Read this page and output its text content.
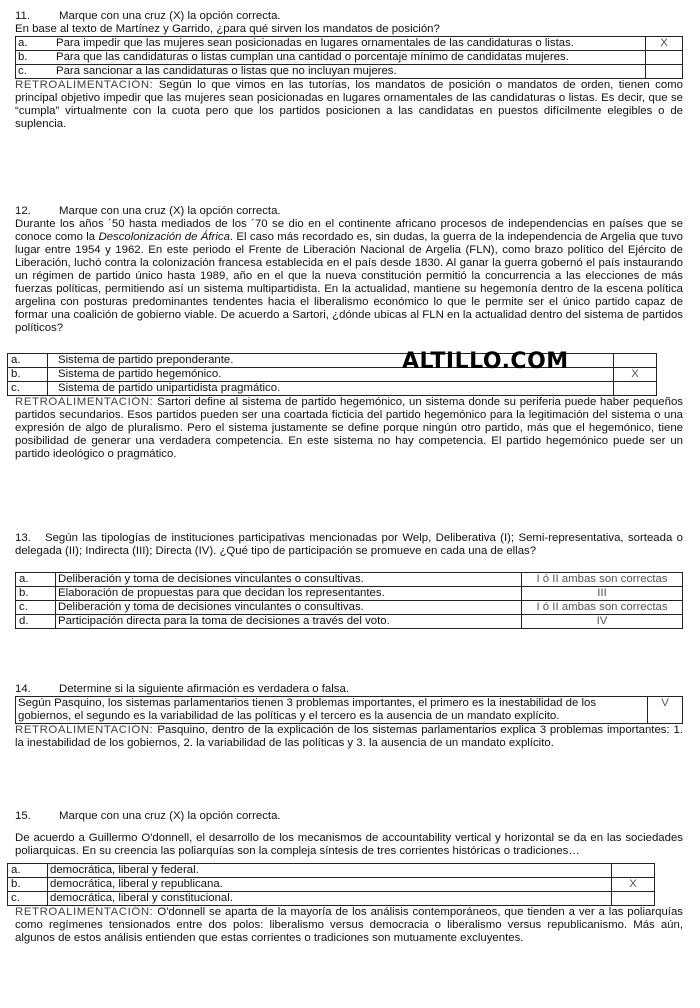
11.	Marque con una cruz (X) la opción correcta.

En base al texto de Martínez y Garrido, ¿para qué sirven los mandatos de posición?

a. Para impedir que las mujeres sean posicionadas en lugares ornamentales de las candidaturas o listas.	X
b. Para que las candidaturas o listas cumplan una cantidad o porcentaje mínimo de candidatas mujeres.	
c. Para sancionar a las candidaturas o listas que no incluyan mujeres.	

RETROALIMENTACIÓN: Según lo que vimos en las tutorías, los mandatos de posición o mandatos de orden, tienen como principal objetivo impedir que las mujeres sean posicionadas en lugares ornamentales de las candidaturas o listas. Es decir, que se “cumpla” virtualmente con la cuota pero que los partidos posicionen a las candidatas en puestos difícilmente elegibles o de suplencia.

12. Marque con una cruz (X) la opción correcta.

Durante los años ´50 hasta mediados de los ´70 se dio en el continente africano procesos de independencias en países que se conoce como la Descolonización de África. El caso más recordado es, sin dudas, la guerra de la independencia de Argelia que tuvo lugar entre 1954 y 1962. En este periodo el Frente de Liberación Nacional de Argelia (FLN), como brazo político del Ejército de Liberación, luchó contra la colonización francesa establecida en el país desde 1830. Al ganar la guerra gobernó el país instaurando un régimen de partido único hasta 1989, año en el que la nueva constitución permitió la concurrencia a las elecciones de más fuerzas políticas, permitiendo así un sistema multipartidista. En la actualidad, mantiene su hegemonía dentro de la escena política argelina con posturas predominantes tendentes hacia el liberalismo económico lo que le permite ser el único partido capaz de formar una coalición de gobierno viable. De acuerdo a Sartori, ¿dónde ubicas al FLN en la actualidad dentro del sistema de partidos políticos?

a.	Sistema de partido preponderante.	
b.	Sistema de partido hegemónico.	X
c.	Sistema de partido unipartidista pragmático.	

RETROALIMENTACIÓN: Sartori define al sistema de partido hegemónico, un sistema donde su periferia puede haber pequeños partidos secundarios. Esos partidos pueden ser una coartada ficticia del partido hegemónico para la legitimación del sistema o una expresión de algo de pluralismo. Pero el sistema justamente se define porque ningún otro partido, más que el hegemónico, tiene posibilidad de generar una verdadera competencia. En este sistema no hay competencia. El partido hegemónico puede ser un partido ideológico o pragmático.

13. Según las tipologías de instituciones participativas mencionadas por Welp, Deliberativa (I); Semi-representativa, sorteada o delegada (II); Indirecta (III); Directa (IV). ¿Qué tipo de participación se promueve en cada una de ellas?

a.	Deliberación y toma de decisiones vinculantes o consultivas.	I ó II ambas son correctas
b.	Elaboración de propuestas para que decidan los representantes.	III
c.	Deliberación y toma de decisiones vinculantes o consultivas.	I ó II ambas son correctas
d.	Participación directa para la toma de decisiones a través del voto.	IV
14. Determine si la siguiente afirmación es verdadera o falsa.
Según Pasquino, los sistemas parlamentarios tienen 3 problemas importantes, el primero es la inestabilidad de los gobiernos, el segundo es la variabilidad de las políticas y el tercero es la ausencia de un mandato explícito.	V

RETROALIMENTACIÓN: Pasquino, dentro de la explicación de los sistemas parlamentarios explica 3 problemas importantes: 1. la inestabilidad de los gobiernos, 2. la variabilidad de las políticas y 3. la ausencia de un mandato explícito.

15. Marque con una cruz (X) la opción correcta.

De acuerdo a Guillermo O'donnell, el desarrollo de los mecanismos de accountability vertical y horizontal se da en las sociedades poliarquicas. En su creencia las poliarquías son la compleja síntesis de tres corrientes históricas o tradiciones…

a.	democrática, liberal y federal.	
b.	democrática, liberal y republicana.	X
c.	democrática, liberal y constitucional.	

RETROALIMENTACIÓN: O'donnell se aparta de la mayoría de los análisis contemporáneos, que tienden a ver a las poliarquías como regímenes tensionados entre dos polos: liberalismo versus democracia o liberalismo versus republicanismo. Más aún, algunos de estos análisis entienden que estas corrientes o tradiciones son mutuamente excluyentes.

ALTILLO.COM
